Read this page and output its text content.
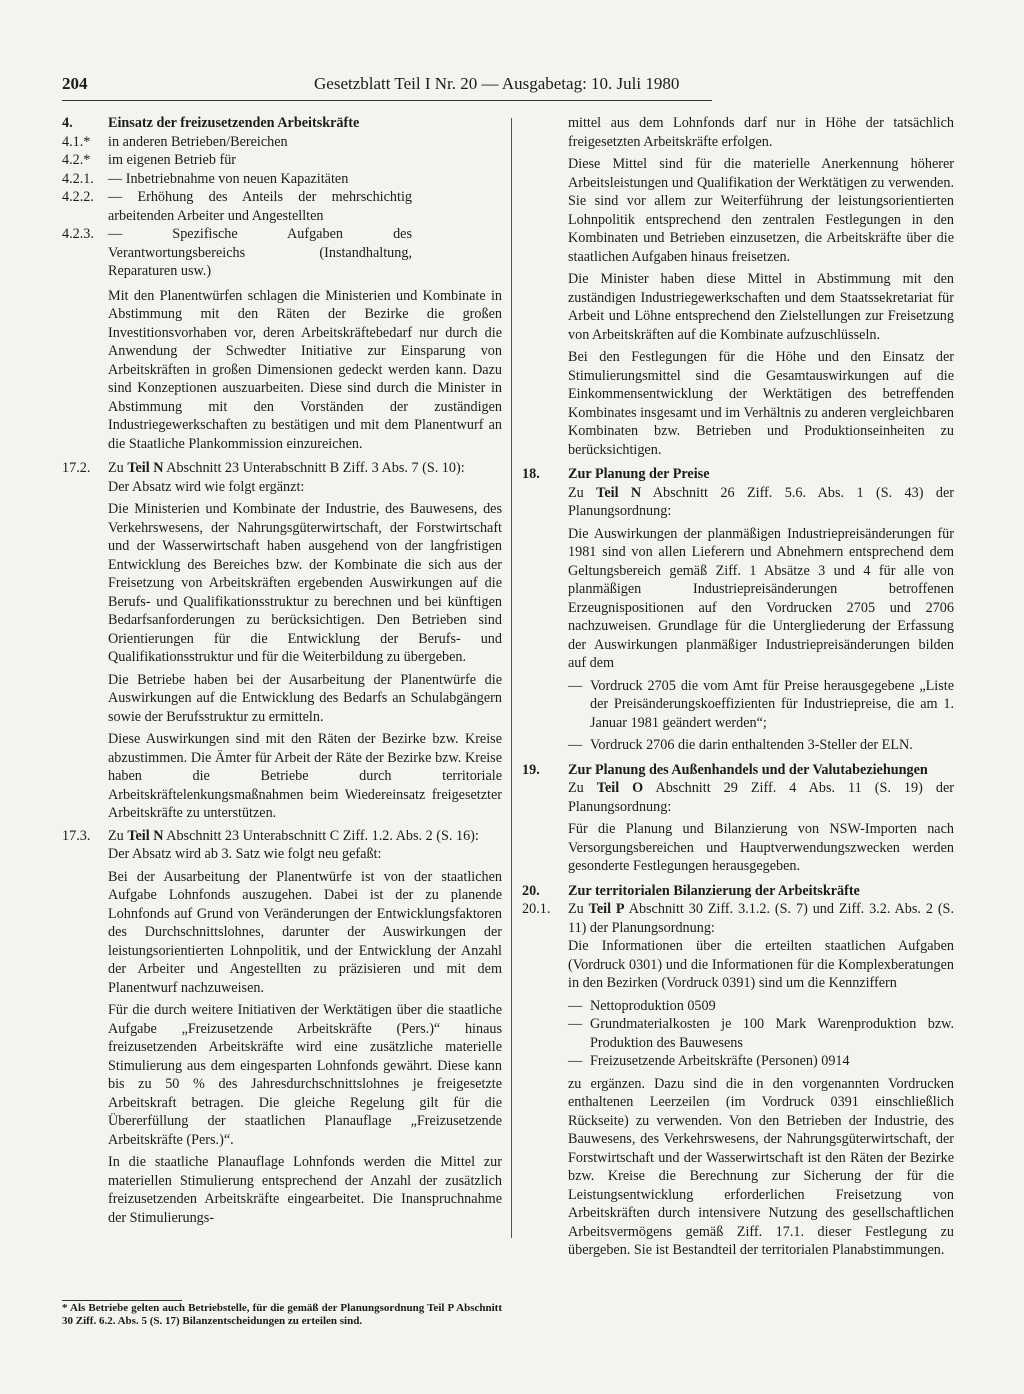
204	Gesetzblatt Teil I Nr. 20 — Ausgabetag: 10. Juli 1980
4.	Einsatz der freizusetzenden Arbeitskräfte
4.1.*	in anderen Betrieben/Bereichen
4.2.*	im eigenen Betrieb für
4.2.1. — Inbetriebnahme von neuen Kapazitäten
4.2.2. — Erhöhung des Anteils der mehrschichtig arbeitenden Arbeiter und Angestellten
4.2.3. — Spezifische Aufgaben des Verantwortungsbereichs (Instandhaltung, Reparaturen usw.)
Mit den Planentwürfen schlagen die Ministerien und Kombinate in Abstimmung mit den Räten der Bezirke die großen Investitionsvorhaben vor, deren Arbeitskräftebedarf nur durch die Anwendung der Schwedter Initiative zur Einsparung von Arbeitskräften in großen Dimensionen gedeckt werden kann. Dazu sind Konzeptionen auszuarbeiten. Diese sind durch die Minister in Abstimmung mit den Vorständen der zuständigen Industriegewerkschaften zu bestätigen und mit dem Planentwurf an die Staatliche Plankommission einzureichen.
17.2.	Zu Teil N Abschnitt 23 Unterabschnitt B Ziff. 3 Abs. 7 (S. 10):
Der Absatz wird wie folgt ergänzt:
Die Ministerien und Kombinate der Industrie, des Bauwesens, des Verkehrswesens, der Nahrungsgüterwirtschaft, der Forstwirtschaft und der Wasserwirtschaft haben ausgehend von der langfristigen Entwicklung des Bereiches bzw. der Kombinate die sich aus der Freisetzung von Arbeitskräften ergebenden Auswirkungen auf die Berufs- und Qualifikationsstruktur zu berechnen und bei künftigen Bedarfsanforderungen zu berücksichtigen. Den Betrieben sind Orientierungen für die Entwicklung der Berufs- und Qualifikationsstruktur und für die Weiterbildung zu übergeben.
Die Betriebe haben bei der Ausarbeitung der Planentwürfe die Auswirkungen auf die Entwicklung des Bedarfs an Schulabgängern sowie der Berufsstruktur zu ermitteln.
Diese Auswirkungen sind mit den Räten der Bezirke bzw. Kreise abzustimmen. Die Ämter für Arbeit der Räte der Bezirke bzw. Kreise haben die Betriebe durch territoriale Arbeitskräftelenkungsmaßnahmen beim Wiedereinsatz freigesetzter Arbeitskräfte zu unterstützen.
17.3.	Zu Teil N Abschnitt 23 Unterabschnitt C Ziff. 1.2. Abs. 2 (S. 16):
Der Absatz wird ab 3. Satz wie folgt neu gefaßt:
Bei der Ausarbeitung der Planentwürfe ist von der staatlichen Aufgabe Lohnfonds auszugehen. Dabei ist der zu planende Lohnfonds auf Grund von Veränderungen der Entwicklungsfaktoren des Durchschnittslohnes, darunter der Auswirkungen der leistungsorientierten Lohnpolitik, und der Entwicklung der Anzahl der Arbeiter und Angestellten zu präzisieren und mit dem Planentwurf nachzuweisen.
Für die durch weitere Initiativen der Werktätigen über die staatliche Aufgabe „Freizusetzende Arbeitskräfte (Pers.)“ hinaus freizusetzenden Arbeitskräfte wird eine zusätzliche materielle Stimulierung aus dem eingesparten Lohnfonds gewährt. Diese kann bis zu 50 % des Jahresdurchschnittslohnes je freigesetzte Arbeitskraft betragen. Die gleiche Regelung gilt für die Übererfüllung der staatlichen Planauflage „Freizusetzende Arbeitskräfte (Pers.)“.
In die staatliche Planauflage Lohnfonds werden die Mittel zur materiellen Stimulierung entsprechend der Anzahl der zusätzlich freizusetzenden Arbeitskräfte eingearbeitet. Die Inanspruchnahme der Stimulierungs-
* Als Betriebe gelten auch Betriebstelle, für die gemäß der Planungsordnung Teil P Abschnitt 30 Ziff. 6.2. Abs. 5 (S. 17) Bilanzentscheidungen zu erteilen sind.
mittel aus dem Lohnfonds darf nur in Höhe der tatsächlich freigesetzten Arbeitskräfte erfolgen.
Diese Mittel sind für die materielle Anerkennung höherer Arbeitsleistungen und Qualifikation der Werktätigen zu verwenden. Sie sind vor allem zur Weiterführung der leistungsorientierten Lohnpolitik entsprechend den zentralen Festlegungen in den Kombinaten und Betrieben einzusetzen, die Arbeitskräfte über die staatlichen Aufgaben hinaus freisetzen.
Die Minister haben diese Mittel in Abstimmung mit den zuständigen Industriegewerkschaften und dem Staatssekretariat für Arbeit und Löhne entsprechend den Zielstellungen zur Freisetzung von Arbeitskräften auf die Kombinate aufzuschlüsseln.
Bei den Festlegungen für die Höhe und den Einsatz der Stimulierungsmittel sind die Gesamtauswirkungen auf die Einkommensentwicklung der Werktätigen des betreffenden Kombinates insgesamt und im Verhältnis zu anderen vergleichbaren Kombinaten bzw. Betrieben und Produktionseinheiten zu berücksichtigen.
18.	Zur Planung der Preise
Zu Teil N Abschnitt 26 Ziff. 5.6. Abs. 1 (S. 43) der Planungsordnung:
Die Auswirkungen der planmäßigen Industriepreisänderungen für 1981 sind von allen Lieferern und Abnehmern entsprechend dem Geltungsbereich gemäß Ziff. 1 Absätze 3 und 4 für alle von planmäßigen Industriepreisänderungen betroffenen Erzeugnispositionen auf den Vordrucken 2705 und 2706 nachzuweisen. Grundlage für die Untergliederung der Erfassung der Auswirkungen planmäßiger Industriepreisänderungen bilden auf dem
— Vordruck 2705 die vom Amt für Preise herausgegebene „Liste der Preisänderungskoeffizienten für Industriepreise, die am 1. Januar 1981 geändert werden“;
— Vordruck 2706 die darin enthaltenden 3-Steller der ELN.
19.	Zur Planung des Außenhandels und der Valutabeziehungen
Zu Teil O Abschnitt 29 Ziff. 4 Abs. 11 (S. 19) der Planungsordnung:
Für die Planung und Bilanzierung von NSW-Importen nach Versorgungsbereichen und Hauptverwendungszwecken werden gesonderte Festlegungen herausgegeben.
20.	Zur territorialen Bilanzierung der Arbeitskräfte
20.1.	Zu Teil P Abschnitt 30 Ziff. 3.1.2. (S. 7) und Ziff. 3.2. Abs. 2 (S. 11) der Planungsordnung:
Die Informationen über die erteilten staatlichen Aufgaben (Vordruck 0301) und die Informationen für die Komplexberatungen in den Bezirken (Vordruck 0391) sind um die Kennziffern
— Nettoproduktion 0509
— Grundmaterialkosten je 100 Mark Warenproduktion bzw. Produktion des Bauwesens
— Freizusetzende Arbeitskräfte (Personen) 0914
zu ergänzen. Dazu sind die in den vorgenannten Vordrucken enthaltenen Leerzeilen (im Vordruck 0391 einschließlich Rückseite) zu verwenden. Von den Betrieben der Industrie, des Bauwesens, des Verkehrswesens, der Nahrungsgüterwirtschaft, der Forstwirtschaft und der Wasserwirtschaft ist den Räten der Bezirke bzw. Kreise die Berechnung zur Sicherung der für die Leistungsentwicklung erforderlichen Freisetzung von Arbeitskräften durch intensivere Nutzung des gesellschaftlichen Arbeitsvermögens gemäß Ziff. 17.1. dieser Festlegung zu übergeben. Sie ist Bestandteil der territorialen Planabstimmungen.
